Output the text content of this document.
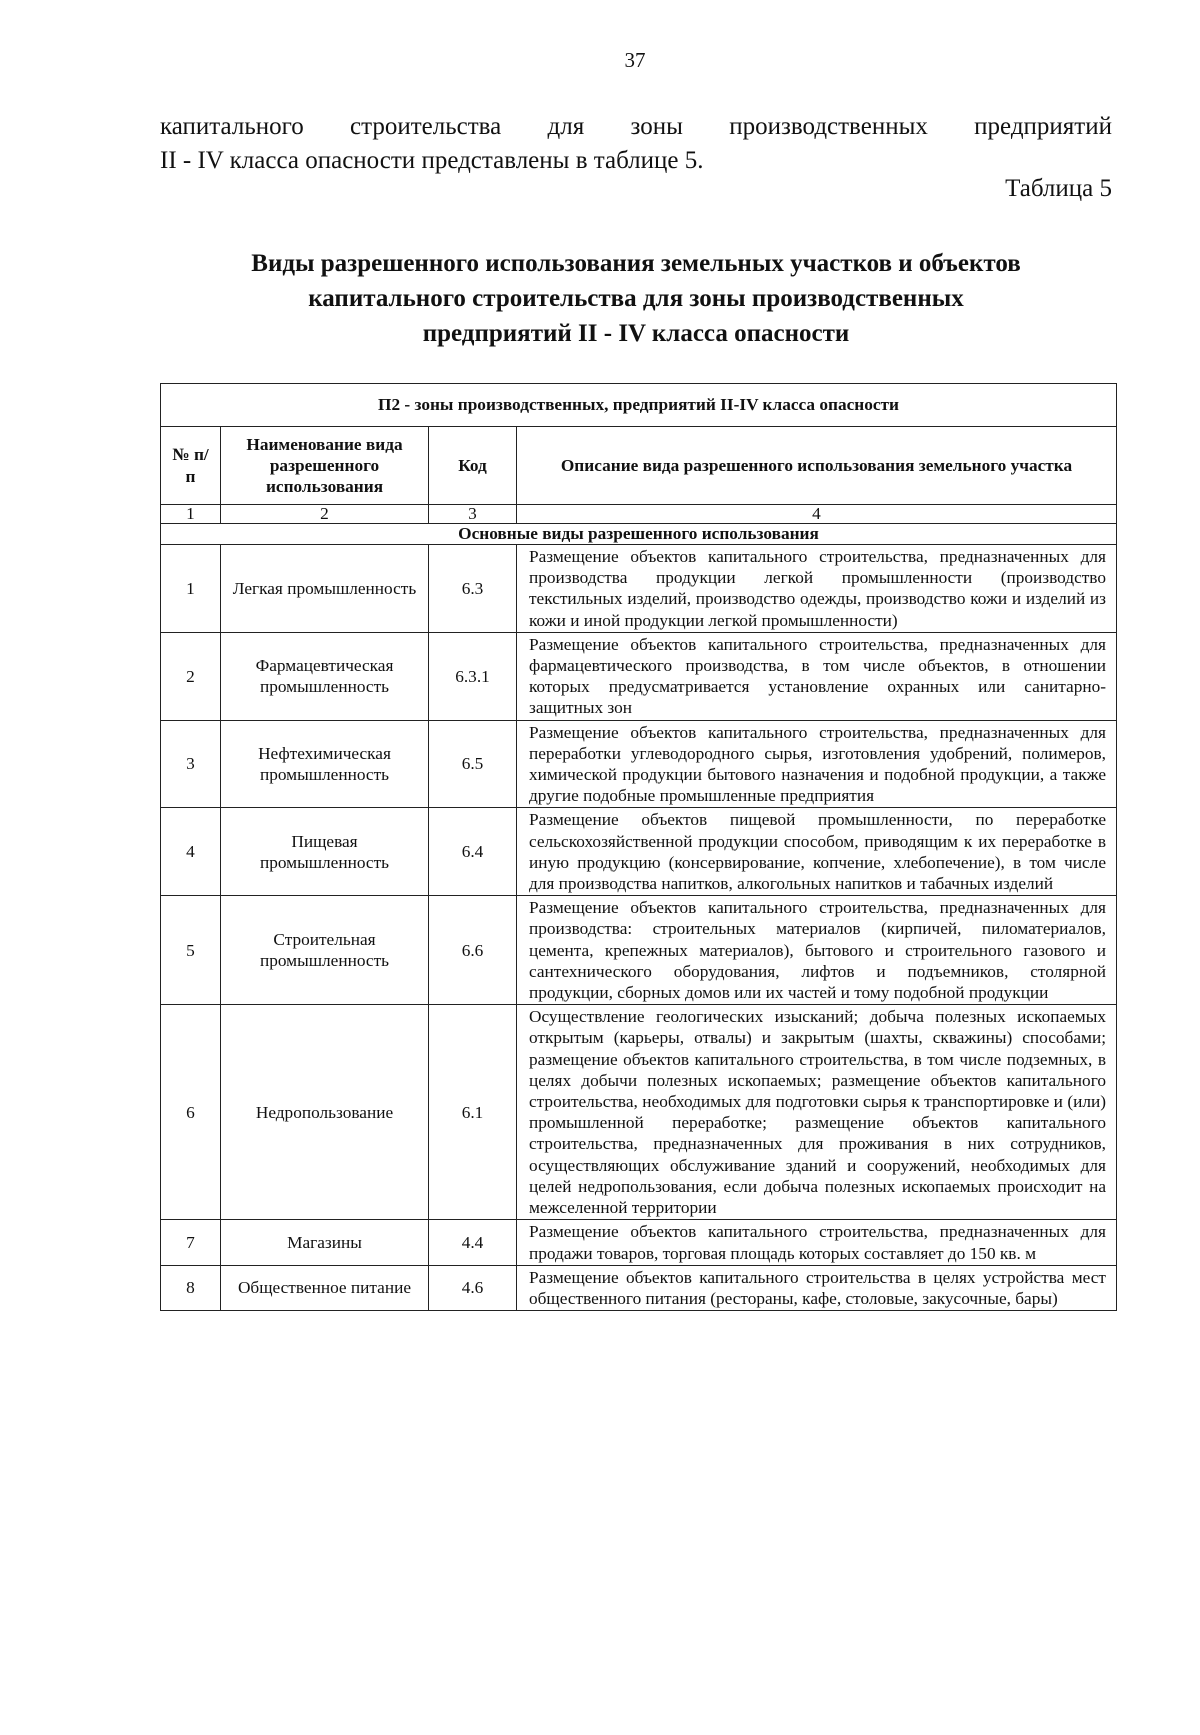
37
капитального строительства для зоны производственных предприятий
II - IV класса опасности представлены в таблице 5.
Таблица 5
Виды разрешенного использования земельных участков и объектов
капитального строительства для зоны производственных
предприятий II - IV класса опасности
П2 - зоны производственных, предприятий II-IV класса опасности			
№ п/п	Наименование вида разрешенного использования	Код	Описание вида разрешенного использования земельного участка
1	2	3	4
Основные виды разрешенного использования			
1	Легкая промышленность	6.3	Размещение объектов капитального строительства, предназначенных для производства продукции легкой промышленности (производство текстильных изделий, производство одежды, производство кожи и изделий из кожи и иной продукции легкой промышленности)
2	Фармацевтическая промышленность	6.3.1	Размещение объектов капитального строительства, предназначенных для фармацевтического производства, в том числе объектов, в отношении которых предусматривается установление охранных или санитарно-защитных зон
3	Нефтехимическая промышленность	6.5	Размещение объектов капитального строительства, предназначенных для переработки углеводородного сырья, изготовления удобрений, полимеров, химической продукции бытового назначения и подобной продукции, а также другие подобные промышленные предприятия
4	Пищевая промышленность	6.4	Размещение объектов пищевой промышленности, по переработке сельскохозяйственной продукции способом, приводящим к их переработке в иную продукцию (консервирование, копчение, хлебопечение), в том числе для производства напитков, алкогольных напитков и табачных изделий
5	Строительная промышленность	6.6	Размещение объектов капитального строительства, предназначенных для производства: строительных материалов (кирпичей, пиломатериалов, цемента, крепежных материалов), бытового и строительного газового и сантехнического оборудования, лифтов и подъемников, столярной продукции, сборных домов или их частей и тому подобной продукции
6	Недропользование	6.1	Осуществление геологических изысканий; добыча полезных ископаемых открытым (карьеры, отвалы) и закрытым (шахты, скважины) способами; размещение объектов капитального строительства, в том числе подземных, в целях добычи полезных ископаемых; размещение объектов капитального строительства, необходимых для подготовки сырья к транспортировке и (или) промышленной переработке; размещение объектов капитального строительства, предназначенных для проживания в них сотрудников, осуществляющих обслуживание зданий и сооружений, необходимых для целей недропользования, если добыча полезных ископаемых происходит на межселенной территории
7	Магазины	4.4	Размещение объектов капитального строительства, предназначенных для продажи товаров, торговая площадь которых составляет до 150 кв. м
8	Общественное питание	4.6	Размещение объектов капитального строительства в целях устройства мест общественного питания (рестораны, кафе, столовые, закусочные, бары)
